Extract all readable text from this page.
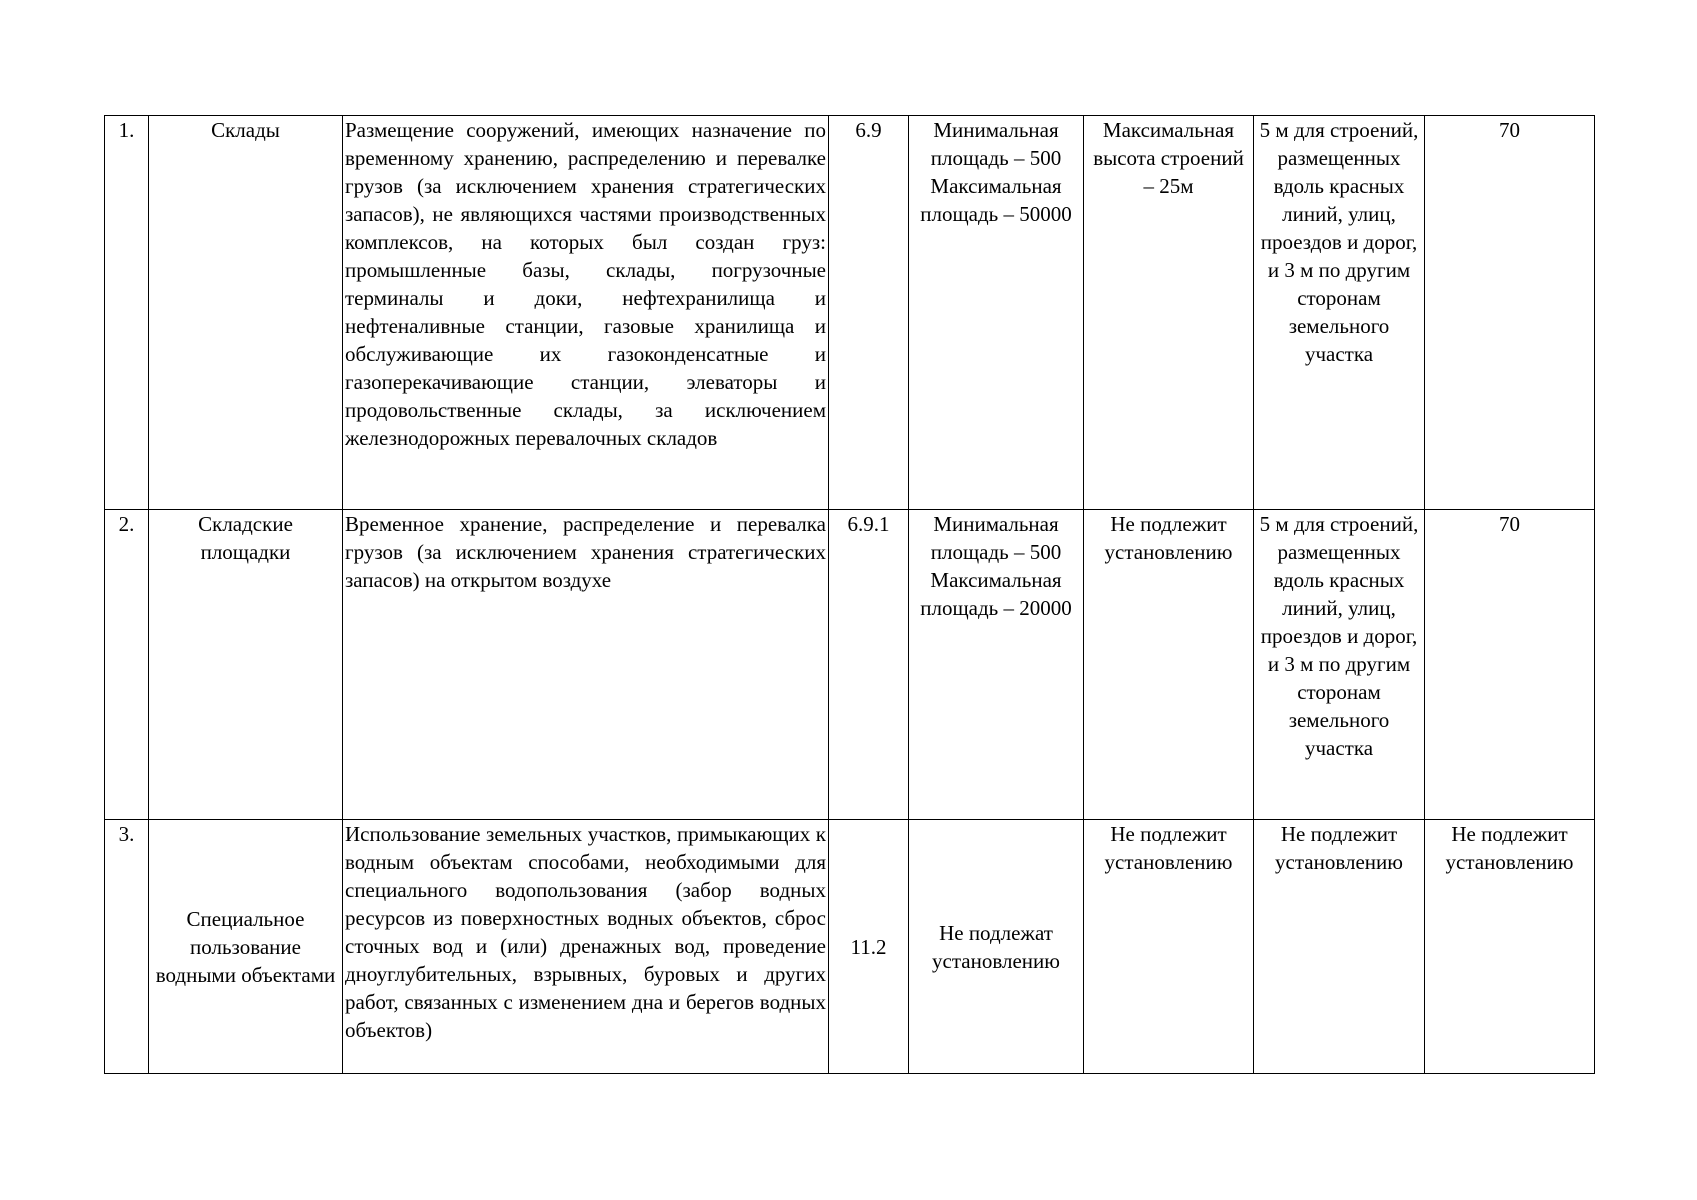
1.	Склады	Размещение сооружений, имеющих назначение по временному хранению, распределению и перевалке грузов (за исключением хранения стратегических запасов), не являющихся частями производственных комплексов, на которых был создан груз: промышленные базы, склады, погрузочные терминалы и доки, нефтехранилища и нефтеналивные станции, газовые хранилища и обслуживающие их газоконденсатные и газоперекачивающие станции, элеваторы и продовольственные склады, за исключением железнодорожных перевалочных складов	6.9	Минимальная площадь – 500 Максимальная площадь – 50000	Максимальная высота строений – 25м	5 м для строений, размещенных вдоль красных линий, улиц, проездов и дорог, и 3 м по другим сторонам земельного участка	70
2.	Складские площадки	Временное хранение, распределение и перевалка грузов (за исключением хранения стратегических запасов) на открытом воздухе	6.9.1	Минимальная площадь – 500 Максимальная площадь – 20000	Не подлежит установлению	5 м для строений, размещенных вдоль красных линий, улиц, проездов и дорог, и 3 м по другим сторонам земельного участка	70
3.	Специальное пользование водными объектами	Использование земельных участков, примыкающих к водным объектам способами, необходимыми для специального водопользования (забор водных ресурсов из поверхностных водных объектов, сброс сточных вод и (или) дренажных вод, проведение дноуглубительных, взрывных, буровых и других работ, связанных с изменением дна и берегов водных объектов)	11.2	Не подлежат установлению	Не подлежит установлению	Не подлежит установлению	Не подлежит установлению
